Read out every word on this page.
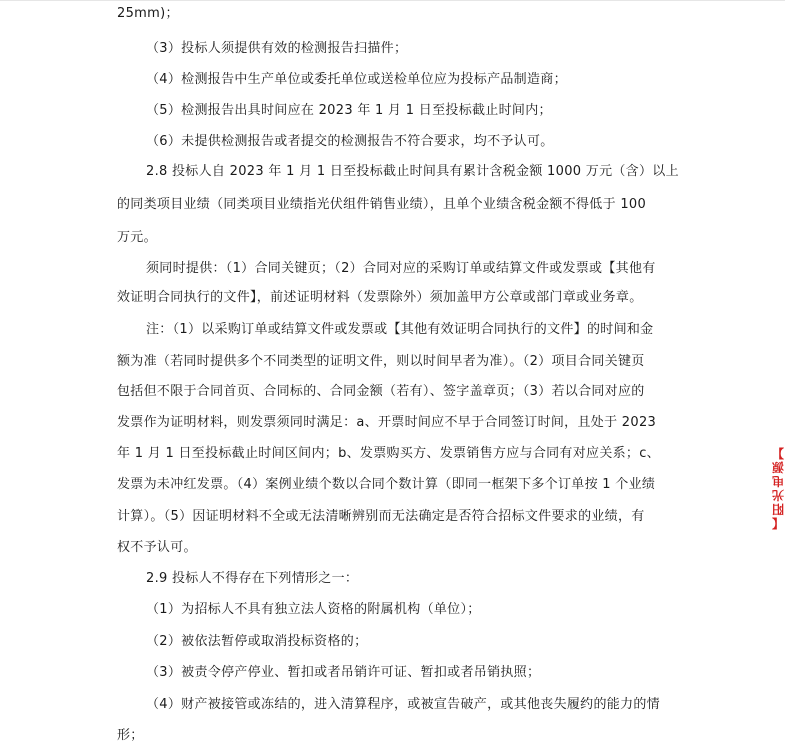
25mm)；
（3）投标人须提供有效的检测报告扫描件；
（4）检测报告中生产单位或委托单位或送检单位应为投标产品制造商；
（5）检测报告出具时间应在 2023 年 1 月 1 日至投标截止时间内；
（6）未提供检测报告或者提交的检测报告不符合要求，均不予认可。
2.8 投标人自 2023 年 1 月 1 日至投标截止时间具有累计含税金额 1000 万元（含）以上
的同类项目业绩（同类项目业绩指光伏组件销售业绩），且单个业绩含税金额不得低于 100
万元。
须同时提供：（1）合同关键页；（2）合同对应的采购订单或结算文件或发票或【其他有
效证明合同执行的文件】，前述证明材料（发票除外）须加盖甲方公章或部门章或业务章。
注：（1）以采购订单或结算文件或发票或【其他有效证明合同执行的文件】的时间和金
额为准（若同时提供多个不同类型的证明文件，则以时间早者为准）。（2）项目合同关键页
包括但不限于合同首页、合同标的、合同金额（若有）、签字盖章页；（3）若以合同对应的
发票作为证明材料，则发票须同时满足：a、开票时间应不早于合同签订时间，且处于 2023
年 1 月 1 日至投标截止时间区间内；b、发票购买方、发票销售方应与合同有对应关系；c、
发票为未冲红发票。（4）案例业绩个数以合同个数计算（即同一框架下多个订单按 1 个业绩
计算）。（5）因证明材料不全或无法清晰辨别而无法确定是否符合招标文件要求的业绩，有
权不予认可。
2.9 投标人不得存在下列情形之一：
（1）为招标人不具有独立法人资格的附属机构（单位）；
（2）被依法暂停或取消投标资格的；
（3）被责令停产停业、暂扣或者吊销许可证、暂扣或者吊销执照；
（4）财产被接管或冻结的，进入清算程序，或被宣告破产，或其他丧失履约的能力的情
形；
【
阳
光
电
源
】
